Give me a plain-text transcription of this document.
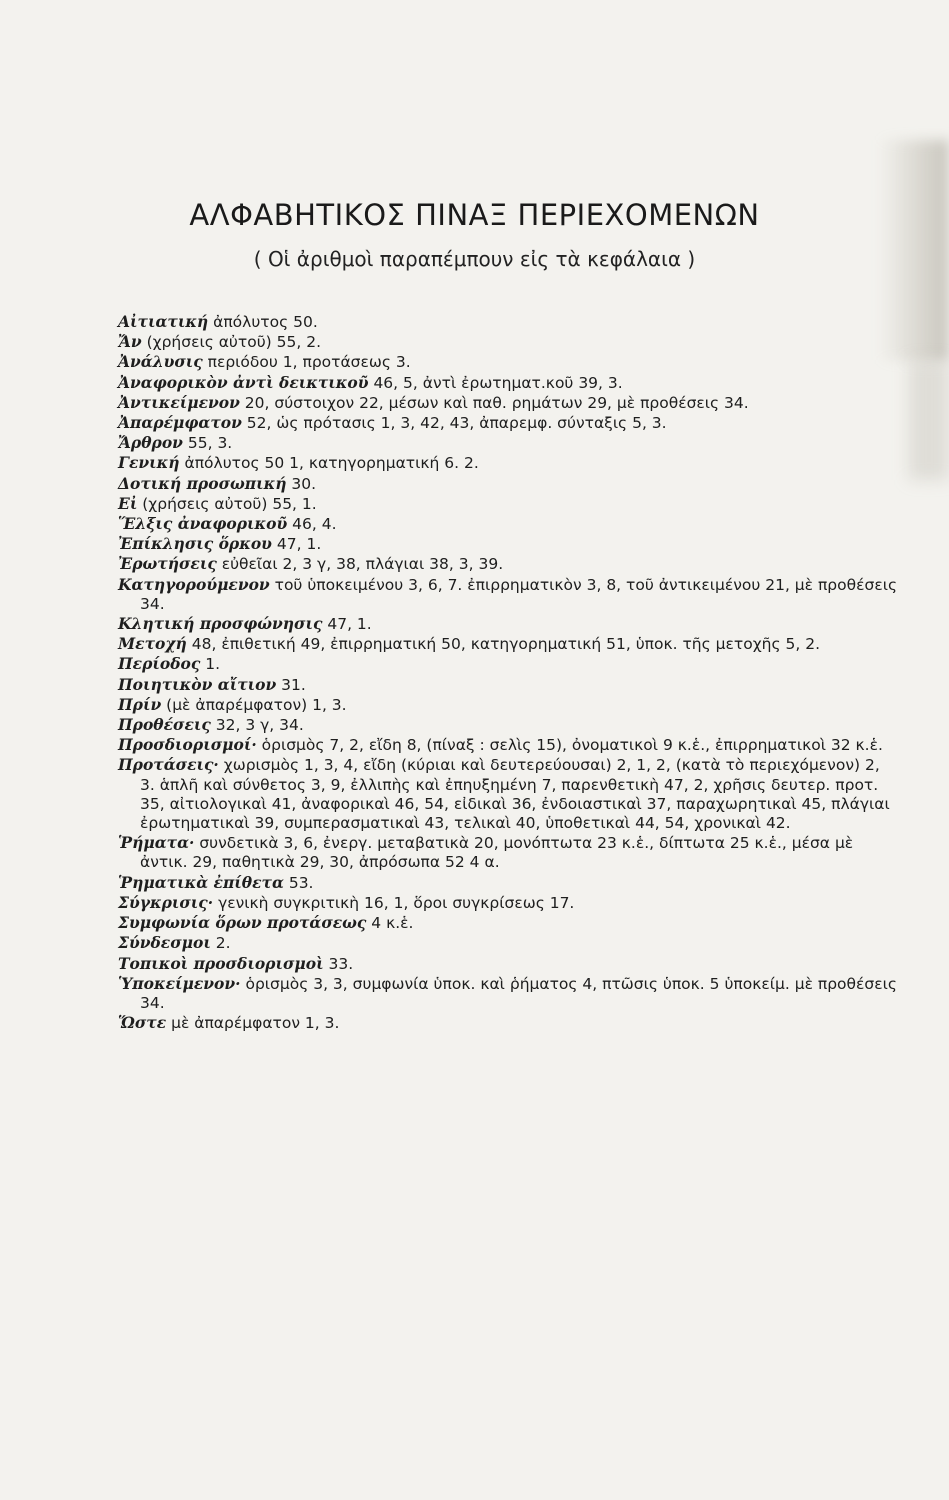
ΑΛΦΑΒΗΤΙΚΟΣ ΠΙΝΑΞ ΠΕΡΙΕΧΟΜΕΝΩΝ
( Οἱ ἀριθμοὶ παραπέμπουν εἰς τὰ κεφάλαια )

Αἰτιατική ἀπόλυτος 50.

Ἄν (χρήσεις αὐτοῦ) 55, 2.

Ἀνάλυσις περιόδου 1, προτάσεως 3.

Ἀναφορικὸν ἀντὶ δεικτικοῦ 46, 5, ἀντὶ ἐρωτηματ.κοῦ 39, 3.

Ἀντικείμενον 20, σύστοιχον 22, μέσων καὶ παθ. ρημάτων 29, μὲ προθέσεις 34.

Ἀπαρέμφατον 52, ὡς πρότασις 1, 3, 42, 43, ἀπαρεμφ. σύνταξις 5, 3.

Ἄρθρον 55, 3.

Γενική ἀπόλυτος 50 1, κατηγορηματική 6. 2.

Δοτική προσωπική 30.

Εἰ (χρήσεις αὐτοῦ) 55, 1.

Ἕλξις ἀναφορικοῦ 46, 4.

Ἐπίκλησις ὅρκου 47, 1.

Ἐρωτήσεις εὐθεῖαι 2, 3 γ, 38, πλάγιαι 38, 3, 39.

Κατηγορούμενον τοῦ ὑποκειμένου 3, 6, 7. ἐπιρρηματικὸν 3, 8, τοῦ ἀντικειμένου 21, μὲ προθέσεις 34.

Κλητική προσφώνησις 47, 1.

Μετοχή 48, ἐπιθετική 49, ἐπιρρηματική 50, κατηγορηματική 51, ὑποκ. τῆς μετοχῆς 5, 2.

Περίοδος 1.

Ποιητικὸν αἴτιον 31.

Πρίν (μὲ ἀπαρέμφατον) 1, 3.

Προθέσεις 32, 3 γ, 34.

Προσδιορισμοί· ὁρισμὸς 7, 2, εἴδη 8, (πίναξ : σελὶς 15), ὀνοματικοὶ 9 κ.ἑ., ἐπιρρηματικοὶ 32 κ.ἑ.

Προτάσεις· χωρισμὸς 1, 3, 4, εἴδη (κύριαι καὶ δευτερεύουσαι) 2, 1, 2, (κατὰ τὸ περιεχόμενον) 2, 3. ἁπλῆ καὶ σύνθετος 3, 9, ἐλλιπὴς καὶ ἐπηυξημένη 7, παρενθετικὴ 47, 2, χρῆσις δευτερ. προτ. 35, αἰτιολογικαὶ 41, ἀναφορικαὶ 46, 54, εἰδικαὶ 36, ἐνδοιαστικαὶ 37, παραχωρητικαὶ 45, πλάγιαι ἐρωτηματικαὶ 39, συμπερασματικαὶ 43, τελικαὶ 40, ὑποθετικαὶ 44, 54, χρονικαὶ 42.

Ῥήματα· συνδετικὰ 3, 6, ἐνεργ. μεταβατικὰ 20, μονόπτωτα 23 κ.ἑ., δίπτωτα 25 κ.ἑ., μέσα μὲ ἀντικ. 29, παθητικὰ 29, 30, ἀπρόσωπα 52 4 α.

Ῥηματικὰ ἐπίθετα 53.

Σύγκρισις· γενικὴ συγκριτικὴ 16, 1, ὅροι συγκρίσεως 17.

Συμφωνία ὅρων προτάσεως 4 κ.ἑ.

Σύνδεσμοι 2.

Τοπικοὶ προσδιορισμοὶ 33.

Ὑποκείμενον· ὁρισμὸς 3, 3, συμφωνία ὑποκ. καὶ ῥήματος 4, πτῶσις ὑποκ. 5 ὑποκείμ. μὲ προθέσεις 34.

Ὥστε μὲ ἀπαρέμφατον 1, 3.
